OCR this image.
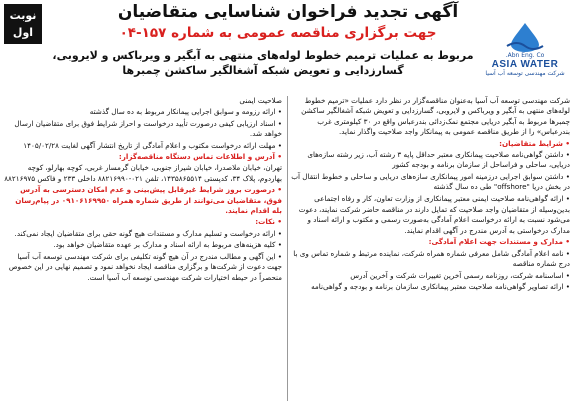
نوبت
اول
Abn Eng. Co.
ASIA WATER
شرکت مهندسی توسعه آب آسیا
آگهی تجدید فراخوان شناسایی متقاضیان
جهت برگزاری مناقصه عمومی به شماره ۱۵۷-۰۴
مربوط به عملیات ترمیم خطوط لوله‌های منتهی به آبگیر و ویرباکس و لایروبی، گسارزدایی و تعویض شبکه آشغالگیر ساکشن چمبرها

شرکت مهندسی توسعه آب آسیا به‌عنوان مناقصه‌گزار در نظر دارد عملیات «ترمیم خطوط لوله‌های منتهی به آبگیر و ویرباکس و لایروبی، گسارزدایی و تعویض شبکه آشغالگیر ساکشن چمبرها مربوط به آبگیر دریایی مجتمع نمک‌زدائی بندرعباس واقع در ۳۰ کیلومتری غرب بندرعباس» را از طریق مناقصه عمومی به پیمانکار واجد صلاحیت واگذار نماید.

• شرایط متقاضیان:

• داشتن گواهی‌نامه صلاحیت پیمانکاری معتبر حداقل پایه ۳ رشته آب، زیر رشته سازه‌های دریایی، ساحلی و فراساحل از سازمان برنامه و بودجه کشور

• داشتن سوابق اجرایی درزمینه امور پیمانکاری سازه‌های دریایی و ساحلی و خطوط انتقال آب در بخش دریا "offshore" طی ده سال گذشته

• ارائه گواهی‌نامه صلاحیت ایمنی معتبر پیمانکاری از وزارت تعاون، کار و رفاه اجتماعی

بدین‌وسیله از متقاضیان واجد صلاحیت که تمایل دارند در مناقصه حاضر شرکت نمایند، دعوت می‌شود نسبت به ارائه درخواست اعلام آمادگی به‌صورت رسمی و مکتوب و ارائه اسناد و مدارک درخواستی به آدرس مندرج در آگهی اقدام نمایند.

• مدارک و مستندات جهت اعلام آمادگی:

• نامه اعلام آمادگی شامل معرفی شماره همراه شرکت، نماینده مرتبط و شماره تماس وی با درج شماره مناقصه

• اساسنامه شرکت، روزنامه رسمی آخرین تغییرات شرکت و آخرین آدرس

• ارائه تصاویر گواهی‌نامه صلاحیت معتبر پیمانکاری سازمان برنامه و بودجه و گواهی‌نامه

صلاحیت ایمنی

• ارائه رزومه و سوابق اجرایی پیمانکار مربوط به ده سال گذشته

• اسناد ارزیابی کیفی درصورت تأیید درخواست و احراز شرایط فوق برای متقاضیان ارسال خواهد شد.

• مهلت ارائه درخواست مکتوب و اعلام آمادگی از تاریخ انتشار آگهی لغایت ۱۴۰۵/۰۲/۲۸

• آدرس و اطلاعات تماس دستگاه مناقصه‌گزار:

تهران، خیابان ملاصدرا، خیابان شیراز جنوبی، خیابان گرمسار غربی، کوچه بهارلو، کوچه بهاردوم، پلاک ۳۴، کدپستی ۱۴۳۵۸۶۵۵۱۴، تلفن ۰۲۱-۸۸۲۱۶۹۹۰ داخلی ۲۳۳ و فاکس ۸۸۲۱۶۹۷۵

• درصورت بروز شرایط غیرقابل پیش‌بینی و عدم امکان دسترسی به آدرس فوق، متقاضیان می‌توانند از طریق شماره همراه ۰۹۱۰۶۱۶۹۹۵۰ در پیام‌رسان بله اقدام نمایند.

• نکات:

• ارائه درخواست و تسلیم مدارک و مستندات هیچ گونه حقی برای متقاضیان ایجاد نمی‌کند.

• کلیه هزینه‌های مربوط به ارائه اسناد و مدارک بر عهده متقاضیان خواهد بود.

• این آگهی و مطالب مندرج در آن هیچ گونه تکلیفی برای شرکت مهندسی توسعه آب آسیا جهت دعوت از شرکت‌ها و برگزاری مناقصه ایجاد نخواهد نمود و تصمیم نهایی در این خصوص منحصراً در حیطه اختیارات شرکت مهندسی توسعه آب آسیا است.
